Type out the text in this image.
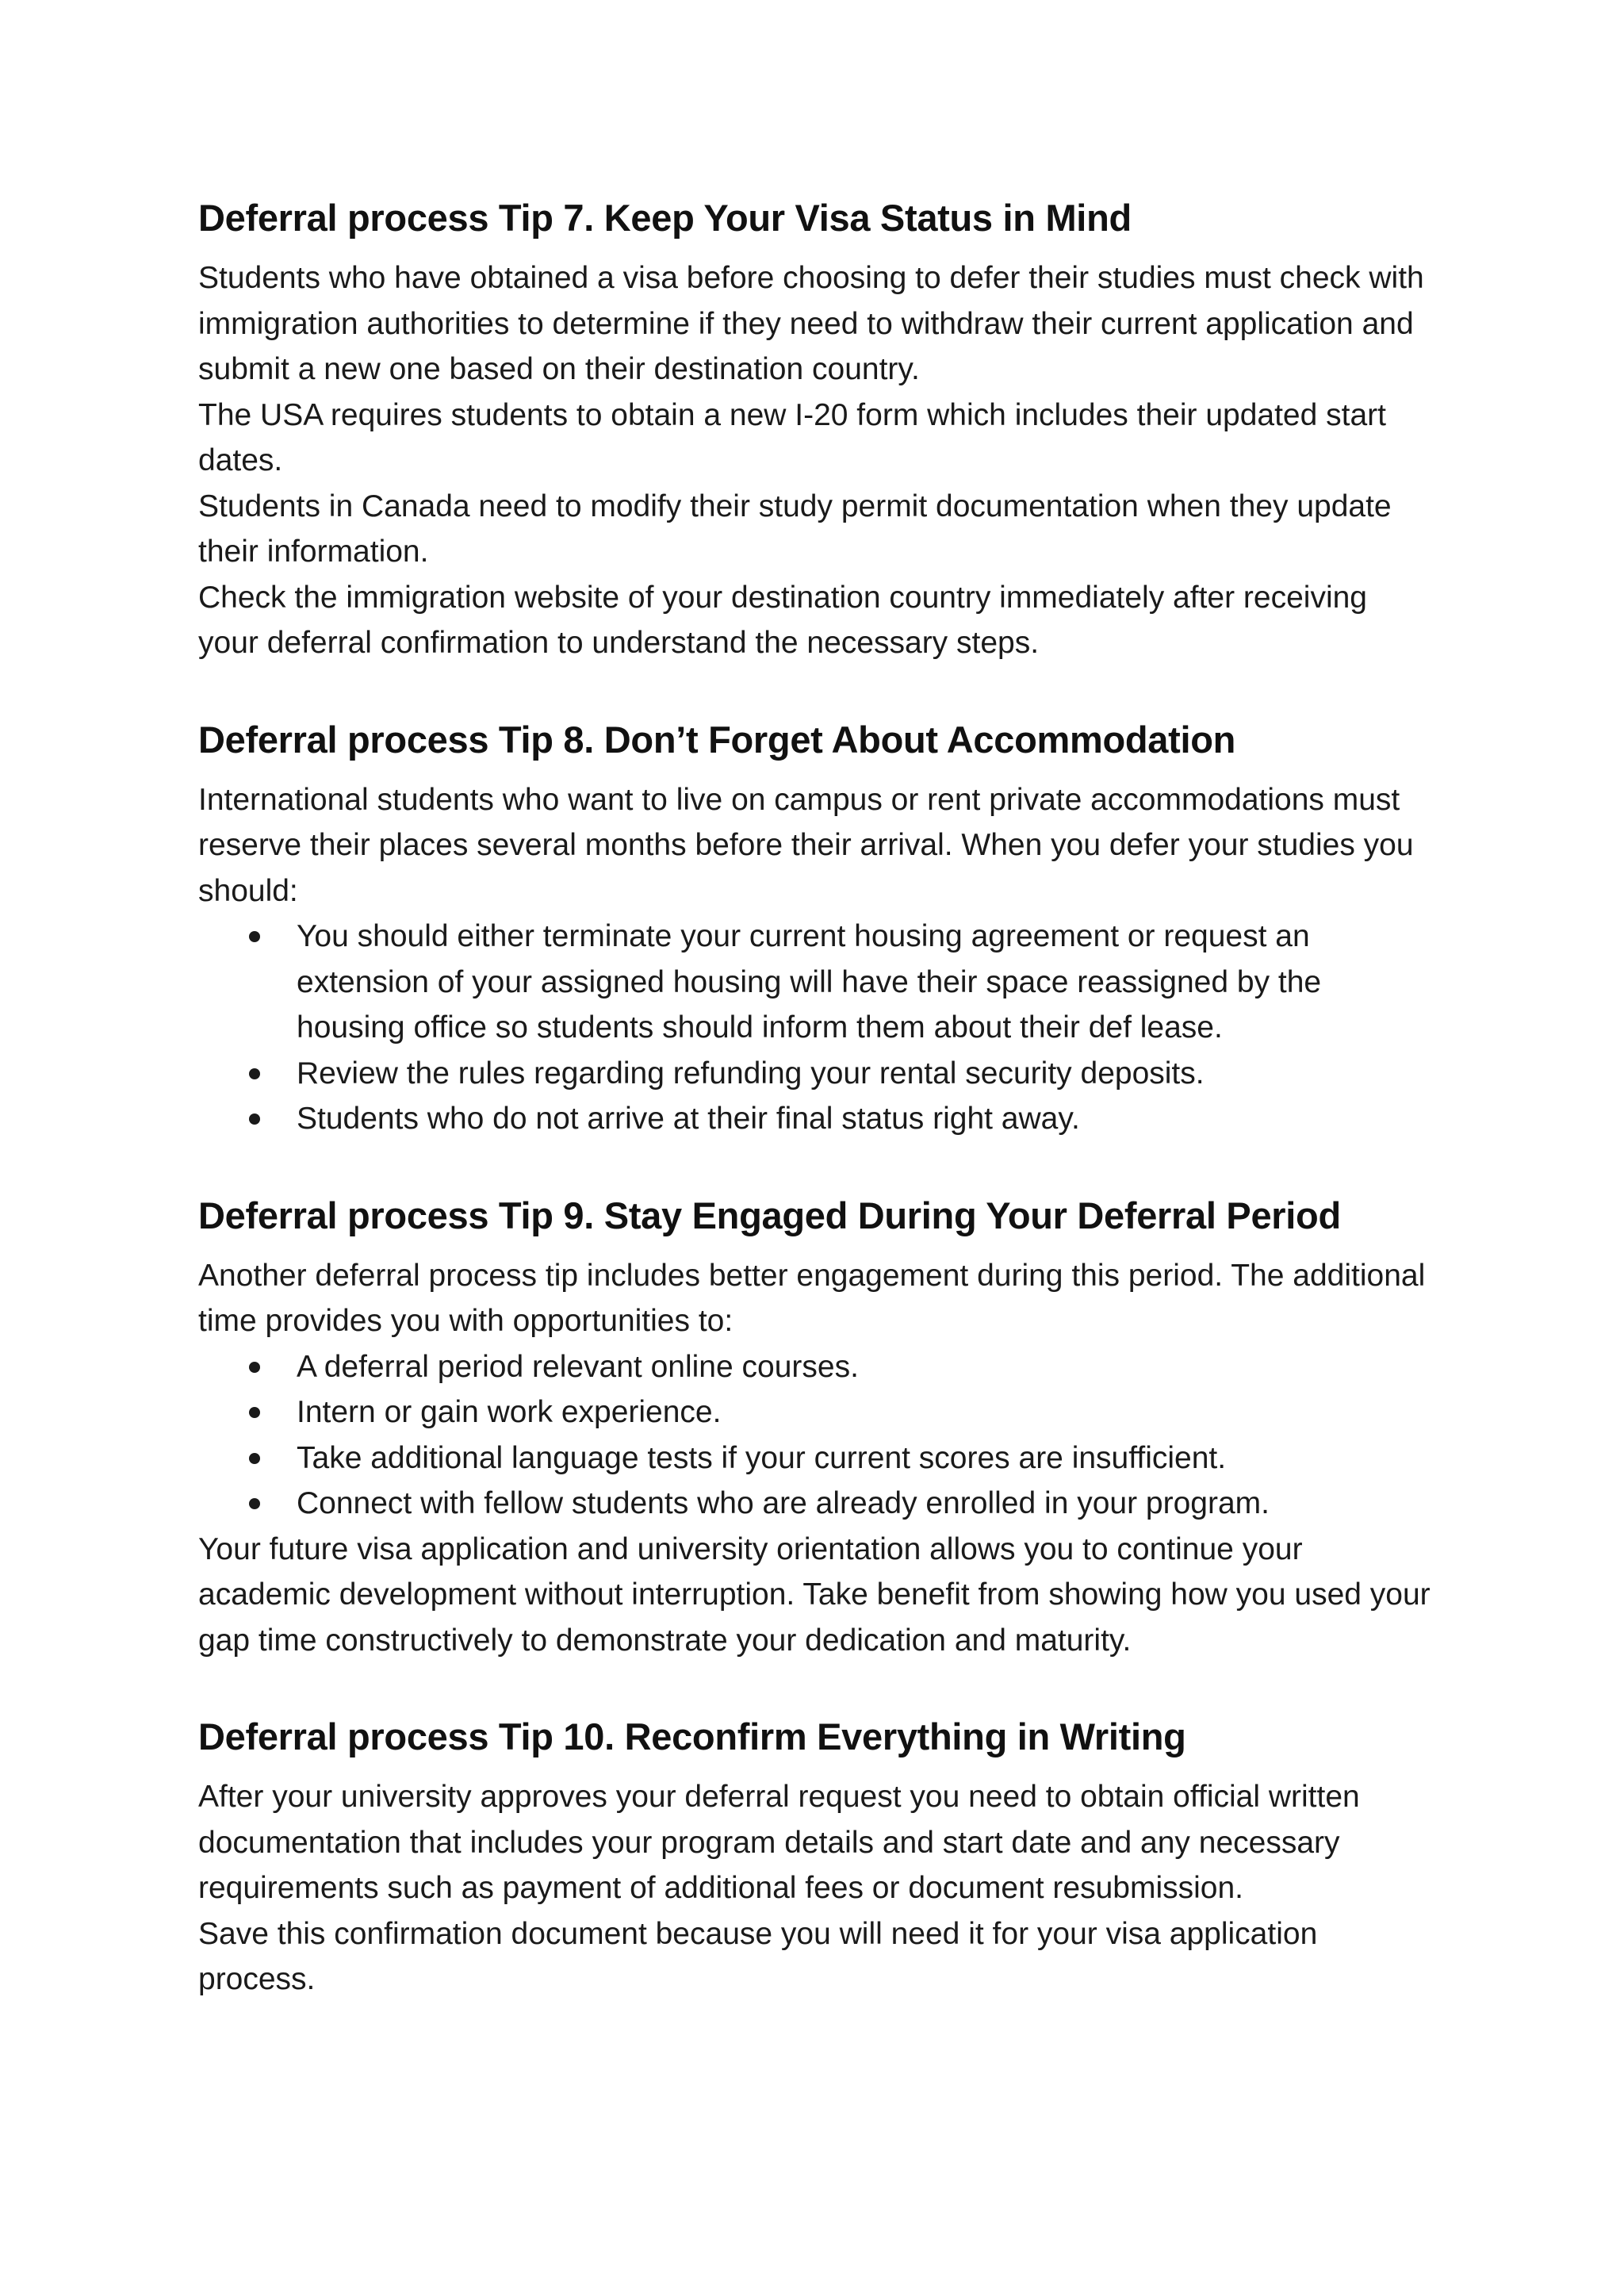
Deferral process Tip 7. Keep Your Visa Status in Mind

Students who have obtained a visa before choosing to defer their studies must check with immigration authorities to determine if they need to withdraw their current application and submit a new one based on their destination country.

The USA requires students to obtain a new I-20 form which includes their updated start dates.

Students in Canada need to modify their study permit documentation when they update their information.

Check the immigration website of your destination country immediately after receiving your deferral confirmation to understand the necessary steps.

Deferral process Tip 8. Don’t Forget About Accommodation

International students who want to live on campus or rent private accommodations must reserve their places several months before their arrival. When you defer your studies you should:

You should either terminate your current housing agreement or request an extension of your assigned housing will have their space reassigned by the housing office so students should inform them about their def lease.
Review the rules regarding refunding your rental security deposits.
Students who do not arrive at their final status right away.
Deferral process Tip 9. Stay Engaged During Your Deferral Period

Another deferral process tip includes better engagement during this period. The additional time provides you with opportunities to:

A deferral period relevant online courses.
Intern or gain work experience.
Take additional language tests if your current scores are insufficient.
Connect with fellow students who are already enrolled in your program.

Your future visa application and university orientation allows you to continue your academic development without interruption. Take benefit from showing how you used your gap time constructively to demonstrate your dedication and maturity.

Deferral process Tip 10. Reconfirm Everything in Writing

After your university approves your deferral request you need to obtain official written documentation that includes your program details and start date and any necessary requirements such as payment of additional fees or document resubmission.

Save this confirmation document because you will need it for your visa application process.
